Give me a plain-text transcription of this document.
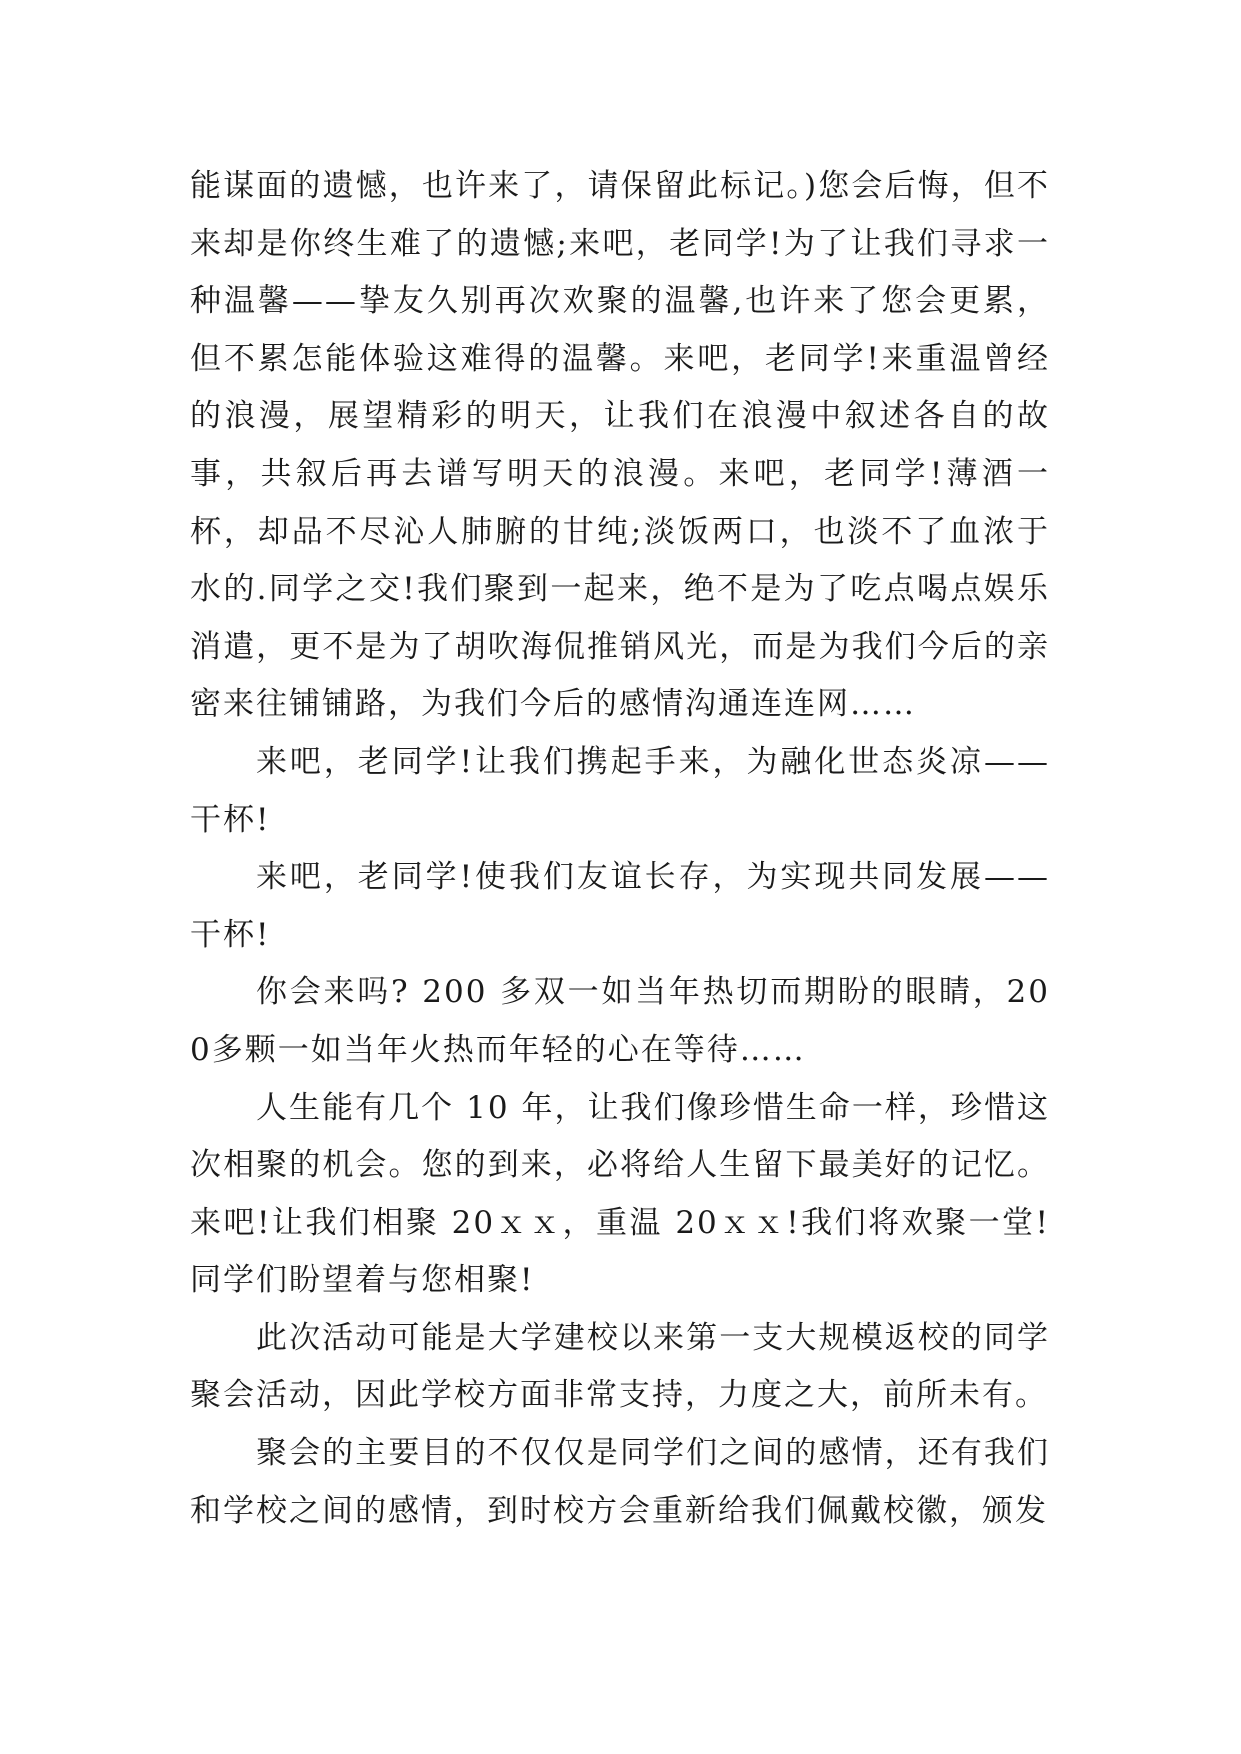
能谋面的遗憾，也许来了，请保留此标记。)您会后悔，但不来却是你终生难了的遗憾;来吧，老同学!为了让我们寻求一种温馨——挚友久别再次欢聚的温馨,也许来了您会更累，但不累怎能体验这难得的温馨。来吧，老同学!来重温曾经的浪漫，展望精彩的明天，让我们在浪漫中叙述各自的故事，共叙后再去谱写明天的浪漫。来吧，老同学!薄酒一杯，却品不尽沁人肺腑的甘纯;淡饭两口，也淡不了血浓于水的.同学之交!我们聚到一起来，绝不是为了吃点喝点娱乐消遣，更不是为了胡吹海侃推销风光，而是为我们今后的亲密来往铺铺路，为我们今后的感情沟通连连网……

来吧，老同学!让我们携起手来，为融化世态炎凉——干杯!

来吧，老同学!使我们友谊长存，为实现共同发展——干杯!

你会来吗? 200 多双一如当年热切而期盼的眼睛，200多颗一如当年火热而年轻的心在等待……

人生能有几个 10 年，让我们像珍惜生命一样，珍惜这次相聚的机会。您的到来，必将给人生留下最美好的记忆。来吧!让我们相聚 20ｘｘ，重温 20ｘｘ!我们将欢聚一堂!同学们盼望着与您相聚!

此次活动可能是大学建校以来第一支大规模返校的同学聚会活动，因此学校方面非常支持，力度之大，前所未有。

聚会的主要目的不仅仅是同学们之间的感情，还有我们和学校之间的感情，到时校方会重新给我们佩戴校徽，颁发
